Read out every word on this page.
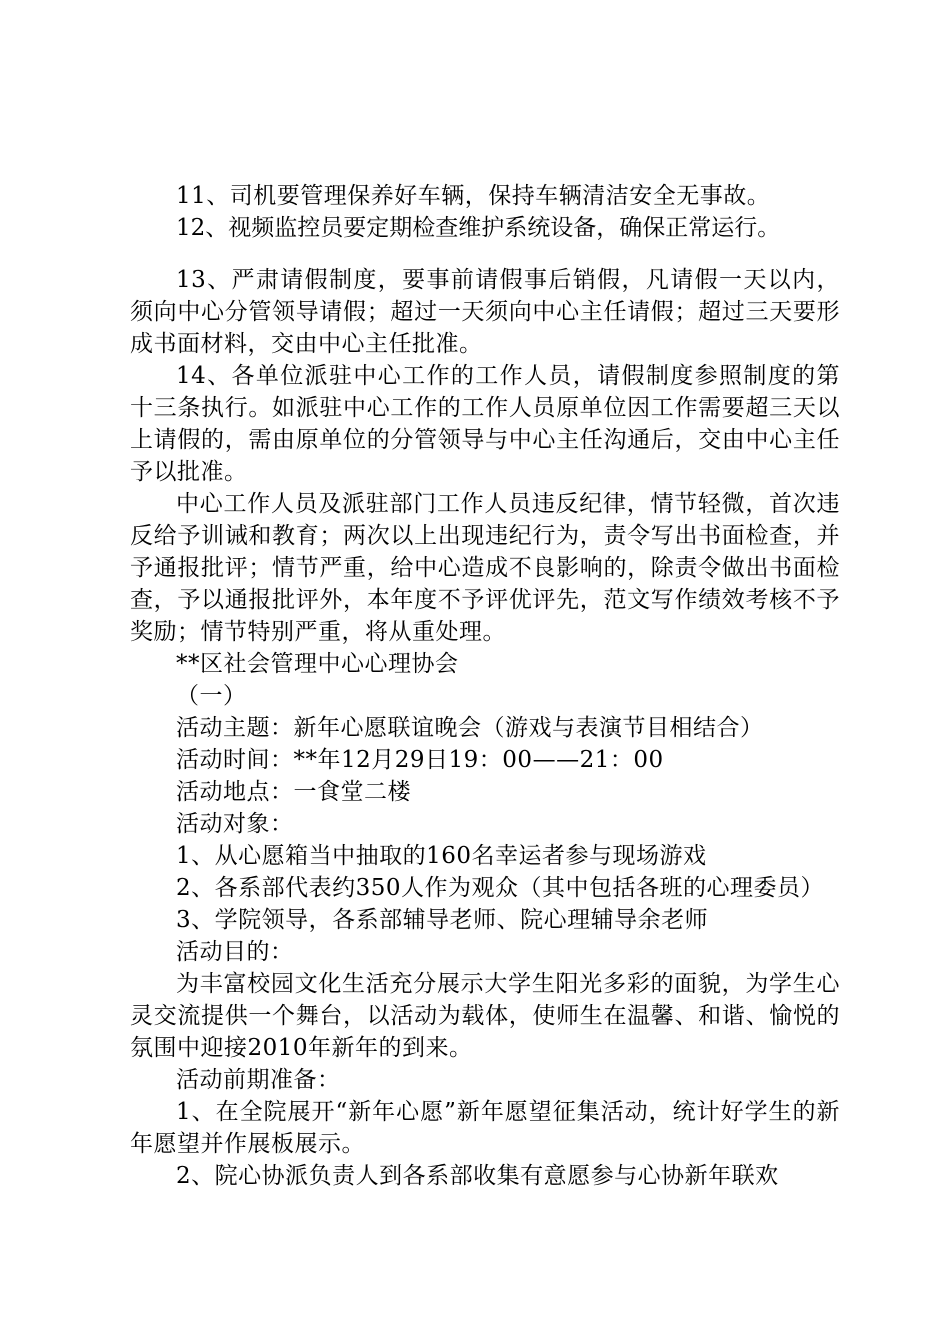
11、司机要管理保养好车辆，保持车辆清洁安全无事故。

12、视频监控员要定期检查维护系统设备，确保正常运行。

13、严肃请假制度，要事前请假事后销假，凡请假一天以内，须向中心分管领导请假；超过一天须向中心主任请假；超过三天要形成书面材料，交由中心主任批准。

14、各单位派驻中心工作的工作人员，请假制度参照制度的第十三条执行。如派驻中心工作的工作人员原单位因工作需要超三天以上请假的，需由原单位的分管领导与中心主任沟通后，交由中心主任予以批准。

中心工作人员及派驻部门工作人员违反纪律，情节轻微，首次违反给予训诫和教育；两次以上出现违纪行为，责令写出书面检查，并予通报批评；情节严重，给中心造成不良影响的，除责令做出书面检查，予以通报批评外，本年度不予评优评先，范文写作绩效考核不予奖励；情节特别严重，将从重处理。

**区社会管理中心心理协会

（一）

活动主题：新年心愿联谊晚会（游戏与表演节目相结合）

活动时间：**年12月29日19：00——21：00

活动地点：一食堂二楼

活动对象：

1、从心愿箱当中抽取的160名幸运者参与现场游戏

2、各系部代表约350人作为观众（其中包括各班的心理委员）

3、学院领导，各系部辅导老师、院心理辅导余老师

活动目的：

为丰富校园文化生活充分展示大学生阳光多彩的面貌，为学生心灵交流提供一个舞台，以活动为载体，使师生在温馨、和谐、愉悦的氛围中迎接2010年新年的到来。

活动前期准备：

1、在全院展开“新年心愿”新年愿望征集活动，统计好学生的新年愿望并作展板展示。

2、院心协派负责人到各系部收集有意愿参与心协新年联欢
